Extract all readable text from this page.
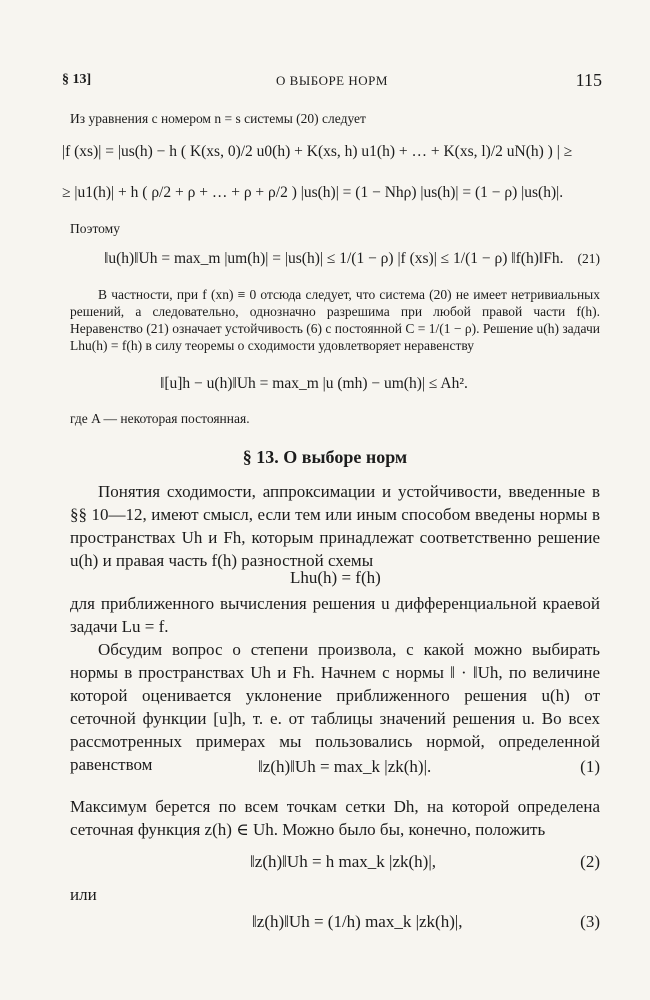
§ 13]	О ВЫБОРЕ НОРМ	115
Из уравнения с номером n = s системы (20) следует
|f (xs)| = |us(h) − h ( K(xs, 0)/2 u0(h) + K(xs, h) u1(h) + … + K(xs, l)/2 uN(h) ) | ≥
≥ |u1(h)| + h ( ρ/2 + ρ + … + ρ + ρ/2 ) |us(h)| = (1 − Nhρ) |us(h)| = (1 − ρ) |us(h)|.
Поэтому
‖u(h)‖Uh = max_m |um(h)| = |us(h)| ≤ 1/(1 − ρ) |f (xs)| ≤ 1/(1 − ρ) ‖f(h)‖Fh. (21)
В частности, при f (xn) ≡ 0 отсюда следует, что система (20) не имеет нетривиальных решений, а следовательно, однозначно разрешима при любой правой части f(h). Неравенство (21) означает устойчивость (6) с постоянной C = 1/(1 − ρ). Решение u(h) задачи Lhu(h) = f(h) в силу теоремы о сходимости удовлетворяет неравенству
‖[u]h − u(h)‖Uh = max_m |u (mh) − um(h)| ≤ Ah².
где A — некоторая постоянная.
§ 13. О выборе норм
Понятия сходимости, аппроксимации и устойчивости, введенные в §§ 10—12, имеют смысл, если тем или иным способом введены нормы в пространствах Uh и Fh, которым принадлежат соответственно решение u(h) и правая часть f(h) разностной схемы
Lhu(h) = f(h)
для приближенного вычисления решения u дифференциальной краевой задачи Lu = f.
Обсудим вопрос о степени произвола, с какой можно выбирать нормы в пространствах Uh и Fh. Начнем с нормы ‖ · ‖Uh, по величине которой оценивается уклонение приближенного решения u(h) от сеточной функции [u]h, т. е. от таблицы значений решения u. Во всех рассмотренных примерах мы пользовались нормой, определенной равенством	‖z(h)‖Uh = max_k |zk(h)|.	(1)
Максимум берется по всем точкам сетки Dh, на которой определена сеточная функция z(h) ∈ Uh. Можно было бы, конечно, положить
‖z(h)‖Uh = h max_k |zk(h)|,	(2)
или
‖z(h)‖Uh = (1/h) max_k |zk(h)|,	(3)
